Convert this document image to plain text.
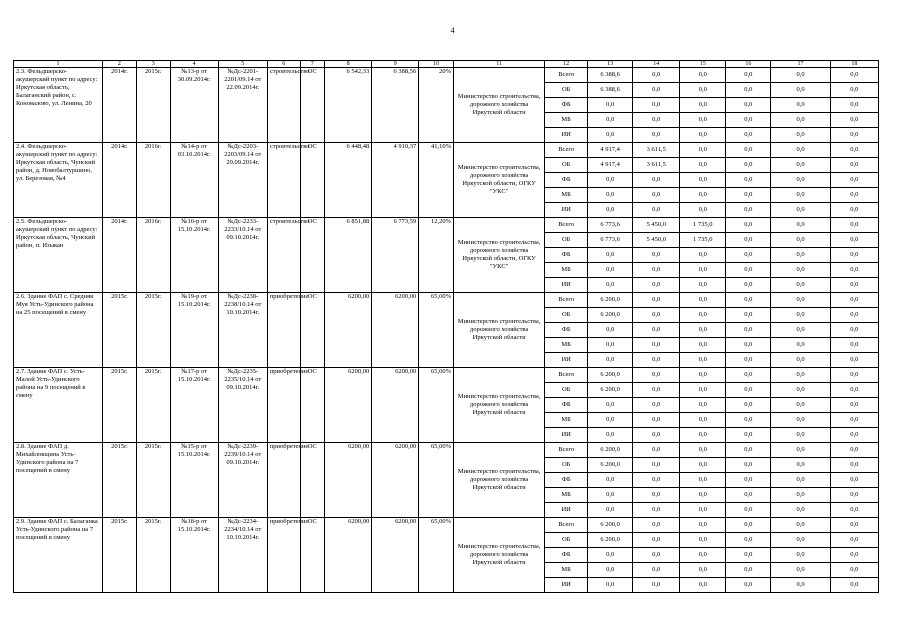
4
1	2	3	4	5	6	7	8	9	10	11	12	13	14	15	16	17	18
2.3. Фельдшерско-акушерский пункт по адресу: Иркутская область, Балаганский район, с. Коновалово, ул. Ленина, 20	2014г.	2015г.	№13-р от 30.09.2014г.	№Дс-2201-2201/09.14 от 22.09.2014г.	строительство	ОС	6 542,33	6 388,56	20%	Министерство строительства, дорожного хозяйства Иркутской области	Всего	6 388,6	0,0	0,0	0,0	0,0	0,0
											ОБ	6 388,6	0,0	0,0	0,0	0,0	0,0
											ФБ	0,0	0,0	0,0	0,0	0,0	0,0
											МБ	0,0	0,0	0,0	0,0	0,0	0,0
											ИИ	0,0	0,0	0,0	0,0	0,0	0,0
2.4. Фельдшерско-акушерский пункт по адресу: Иркутская область, Чунский район, д. Новобалтуршино, ул. Березовая, №4	2014г.	2016г.	№14-р от 03.10.2014г.	№Дс-2203-2203/09.14 от 29.09.2014г.	строительство	ОС	6 448,48	4 910,37	41,10%	Министерство строительства, дорожного хозяйства Иркутской области, ОГКУ "УКС"	Всего	4 917,4	3 611,5	0,0	0,0	0,0	0,0
											ОБ	4 917,4	3 611,5	0,0	0,0	0,0	0,0
											ФБ	0,0	0,0	0,0	0,0	0,0	0,0
											МБ	0,0	0,0	0,0	0,0	0,0	0,0
											ИИ	0,0	0,0	0,0	0,0	0,0	0,0
2.5. Фельдшерско-акушерский пункт по адресу: Иркутская область, Чунский район, п. Изыкан	2014г.	2016г.	№16-р от 15.10.2014г.	№Дс-2233-2233/10.14 от 09.10.2014г.	строительство	ОС	6 851,88	6 773,59	12,20%	Министерство строительства, дорожного хозяйства Иркутской области, ОГКУ "УКС"	Всего	6 773,6	5 450,0	1 735,0	0,0	0,0	0,0
											ОБ	6 773,6	5 450,0	1 735,0	0,0	0,0	0,0
											ФБ	0,0	0,0	0,0	0,0	0,0	0,0
											МБ	0,0	0,0	0,0	0,0	0,0	0,0
											ИИ	0,0	0,0	0,0	0,0	0,0	0,0
2.6. Здание ФАП с. Средняя Муя Усть-Удинского района на 25 посещений в смену	2015г.	2015г.	№19-р от 15.10.2014г.	№Дс-2238-2238/10.14 от 10.10.2014г.	приобретение	ОС	6200,00	6200,00	65,00%	Министерство строительства, дорожного хозяйства Иркутской области	Всего	6 200,0	0,0	0,0	0,0	0,0	0,0
											ОБ	6 200,0	0,0	0,0	0,0	0,0	0,0
											ФБ	0,0	0,0	0,0	0,0	0,0	0,0
											МБ	0,0	0,0	0,0	0,0	0,0	0,0
											ИИ	0,0	0,0	0,0	0,0	0,0	0,0
2.7. Здание ФАП с. Усть-Малой Усть-Удинского района на 9 посещений в смену	2015г.	2015г.	№17-р от 15.10.2014г.	№Дс-2235-2235/10.14 от 09.10.2014г.	приобретение	ОС	6200,00	6200,00	65,00%	Министерство строительства, дорожного хозяйства Иркутской области	Всего	6 200,0	0,0	0,0	0,0	0,0	0,0
											ОБ	6 200,0	0,0	0,0	0,0	0,0	0,0
											ФБ	0,0	0,0	0,0	0,0	0,0	0,0
											МБ	0,0	0,0	0,0	0,0	0,0	0,0
											ИИ	0,0	0,0	0,0	0,0	0,0	0,0
2.8. Здание ФАП д. Михайловщина Усть-Удинского района на 7 посещений в смену	2015г.	2015г.	№15-р от 15.10.2014г.	№Дс-2239-2239/10.14 от 09.10.2014г.	приобретение	ОС	6200,00	6200,00	65,00%	Министерство строительства, дорожного хозяйства Иркутской области	Всего	6 200,0	0,0	0,0	0,0	0,0	0,0
											ОБ	6 200,0	0,0	0,0	0,0	0,0	0,0
											ФБ	0,0	0,0	0,0	0,0	0,0	0,0
											МБ	0,0	0,0	0,0	0,0	0,0	0,0
											ИИ	0,0	0,0	0,0	0,0	0,0	0,0
2.9. Здание ФАП с. Балаганка Усть-Удинского района на 7 посещений в смену	2015г.	2015г.	№18-р от 15.10.2014г.	№Дс-2234-2234/10.14 от 10.10.2014г.	приобретение	ОС	6200,00	6200,00	65,00%	Министерство строительства, дорожного хозяйства Иркутской области	Всего	6 200,0	0,0	0,0	0,0	0,0	0,0
											ОБ	6 200,0	0,0	0,0	0,0	0,0	0,0
											ФБ	0,0	0,0	0,0	0,0	0,0	0,0
											МБ	0,0	0,0	0,0	0,0	0,0	0,0
											ИИ	0,0	0,0	0,0	0,0	0,0	0,0
